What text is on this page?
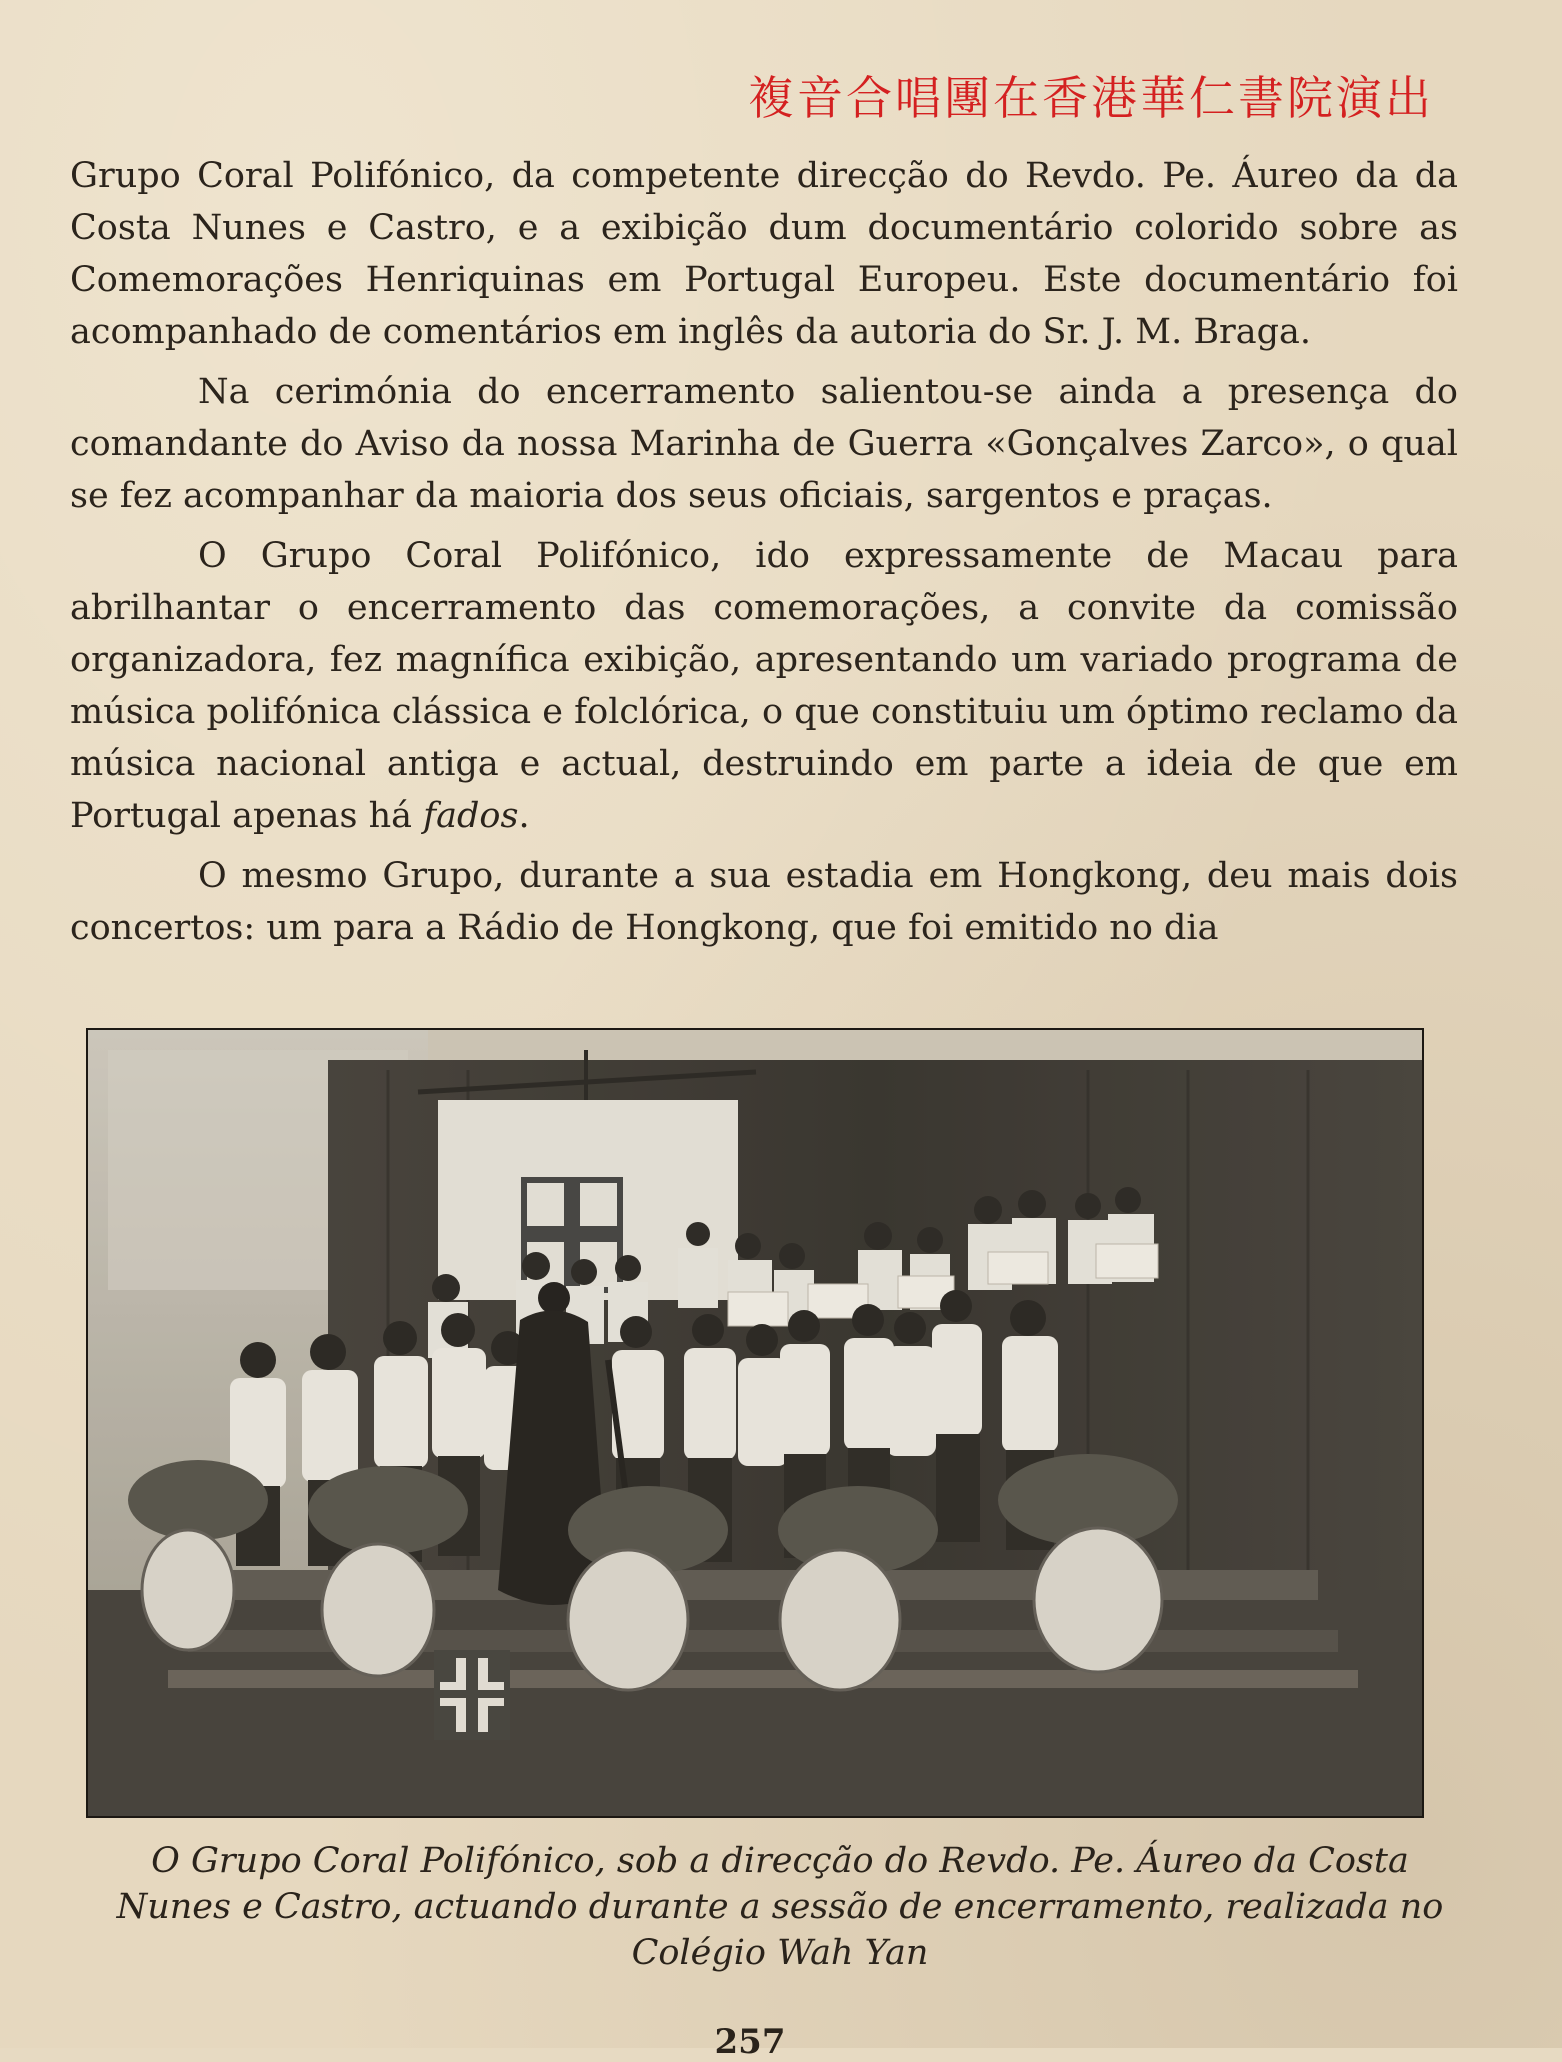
複音合唱團在香港華仁書院演出

Grupo Coral Polifónico, da competente direcção do Revdo. Pe. Áureo da da Costa Nunes e Castro, e a exibição dum documentário colorido sobre as Comemorações Henriquinas em Portugal Europeu. Este documentário foi acompanhado de comentários em inglês da autoria do Sr. J. M. Braga.

Na cerimónia do encerramento salientou-se ainda a presença do comandante do Aviso da nossa Marinha de Guerra «Gonçalves Zarco», o qual se fez acompanhar da maioria dos seus oficiais, sargentos e praças.

O Grupo Coral Polifónico, ido expressamente de Macau para abrilhantar o encerramento das comemorações, a convite da comissão organizadora, fez magnífica exibição, apresentando um variado programa de música polifónica clássica e folclórica, o que constituiu um óptimo reclamo da música nacional antiga e actual, destruindo em parte a ideia de que em Portugal apenas há fados.

O mesmo Grupo, durante a sua estadia em Hongkong, deu mais dois concertos: um para a Rádio de Hongkong, que foi emitido no dia

O Grupo Coral Polifónico, sob a direcção do Revdo. Pe. Áureo da Costa
Nunes e Castro, actuando durante a sessão de encerramento, realizada no
Colégio Wah Yan
257
